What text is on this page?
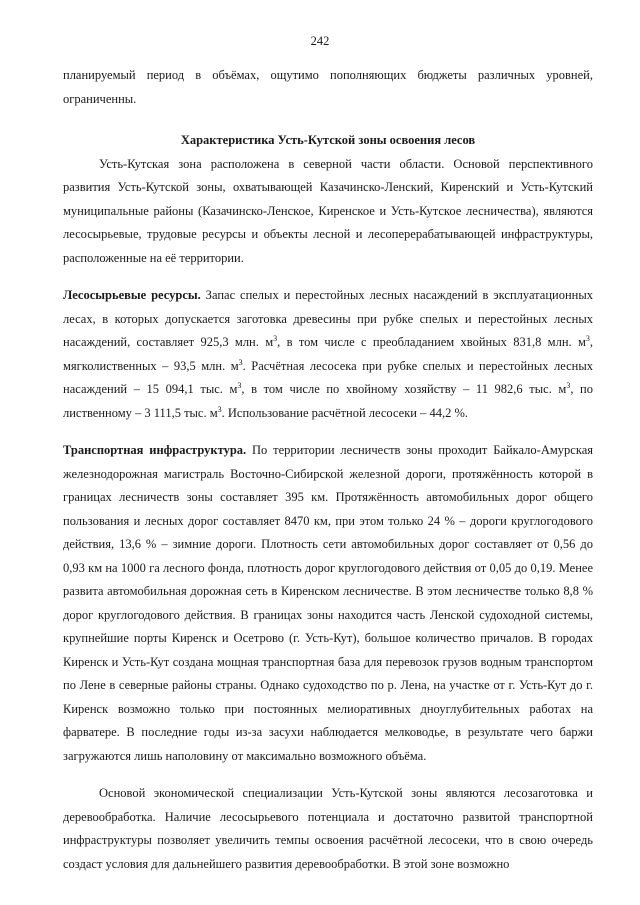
242

планируемый период в объёмах, ощутимо пополняющих бюджеты различных уровней, ограниченны.

Характеристика Усть-Кутской зоны освоения лесов

Усть-Кутская зона расположена в северной части области. Основой перспективного развития Усть-Кутской зоны, охватывающей Казачинско-Ленский, Киренский и Усть-Кутский муниципальные районы (Казачинско-Ленское, Киренское и Усть-Кутское лесничества), являются лесосырьевые, трудовые ресурсы и объекты лесной и лесоперерабатывающей инфраструктуры, расположенные на её территории.

Лесосырьевые ресурсы. Запас спелых и перестойных лесных насаждений в эксплуатационных лесах, в которых допускается заготовка древесины при рубке спелых и перестойных лесных насаждений, составляет 925,3 млн. $м^3$, в том числе с преобладанием хвойных 831,8 млн. $м^3$, мягколиственных – 93,5 млн. $м^3$. Расчётная лесосека при рубке спелых и перестойных лесных насаждений – 15 094,1 тыс. $м^3$, в том числе по хвойному хозяйству – 11 982,6 тыс. $м^3$, по лиственному – 3 111,5 тыс. $м^3$. Использование расчётной лесосеки – 44,2 %.

Транспортная инфраструктура. По территории лесничеств зоны проходит Байкало-Амурская железнодорожная магистраль Восточно-Сибирской железной дороги, протяжённость которой в границах лесничеств зоны составляет 395 км. Протяжённость автомобильных дорог общего пользования и лесных дорог составляет 8470 км, при этом только 24 % – дороги круглогодового действия, 13,6 % – зимние дороги. Плотность сети автомобильных дорог составляет от 0,56 до 0,93 км на 1000 га лесного фонда, плотность дорог круглогодового действия от 0,05 до 0,19. Менее развита автомобильная дорожная сеть в Киренском лесничестве. В этом лесничестве только 8,8 % дорог круглогодового действия. В границах зоны находится часть Ленской судоходной системы, крупнейшие порты Киренск и Осетрово (г. Усть-Кут), большое количество причалов. В городах Киренск и Усть-Кут создана мощная транспортная база для перевозок грузов водным транспортом по Лене в северные районы страны. Однако судоходство по р. Лена, на участке от г. Усть-Кут до г. Киренск возможно только при постоянных мелиоративных дноуглубительных работах на фарватере. В последние годы из-за засухи наблюдается мелководье, в результате чего баржи загружаются лишь наполовину от максимально возможного объёма.

Основой экономической специализации Усть-Кутской зоны являются лесозаготовка и деревообработка. Наличие лесосырьевого потенциала и достаточно развитой транспортной инфраструктуры позволяет увеличить темпы освоения расчётной лесосеки, что в свою очередь создаст условия для дальнейшего развития деревообработки. В этой зоне возможно
